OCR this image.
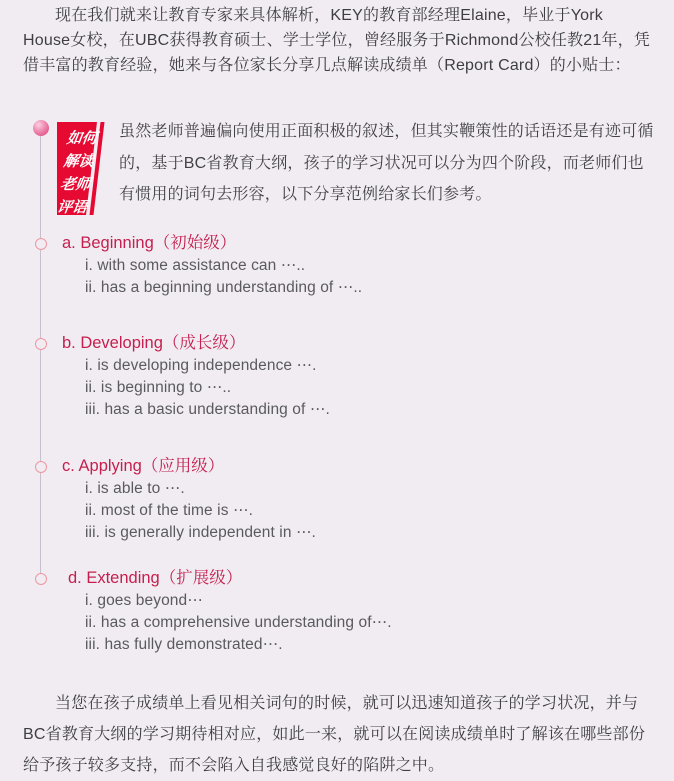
现在我们就来让教育专家来具体解析，KEY的教育部经理Elaine，毕业于York House女校，在UBC获得教育硕士、学士学位，曾经服务于Richmond公校任教21年，凭借丰富的教育经验，她来与各位家长分享几点解读成绩单（Report Card）的小贴士：

如何
解读
老师
评语

虽然老师普遍偏向使用正面积极的叙述，但其实鞭策性的话语还是有迹可循的，基于BC省教育大纲，孩子的学习状况可以分为四个阶段，而老师们也有惯用的词句去形容，以下分享范例给家长们参考。

a. Beginning（初始级）
i. with some assistance can ⋯..
ii. has a beginning understanding of ⋯..
b. Developing（成长级）
i. is developing independence ⋯.
ii. is beginning to ⋯..
iii. has a basic understanding of ⋯.
c. Applying（应用级）
i. is able to ⋯.
ii. most of the time is ⋯.
iii. is generally independent in ⋯.
d. Extending（扩展级）
i. goes beyond⋯
ii. has a comprehensive understanding of⋯.
iii. has fully demonstrated⋯.

当您在孩子成绩单上看见相关词句的时候，就可以迅速知道孩子的学习状况，并与BC省教育大纲的学习期待相对应，如此一来，就可以在阅读成绩单时了解该在哪些部份给予孩子较多支持，而不会陷入自我感觉良好的陷阱之中。
